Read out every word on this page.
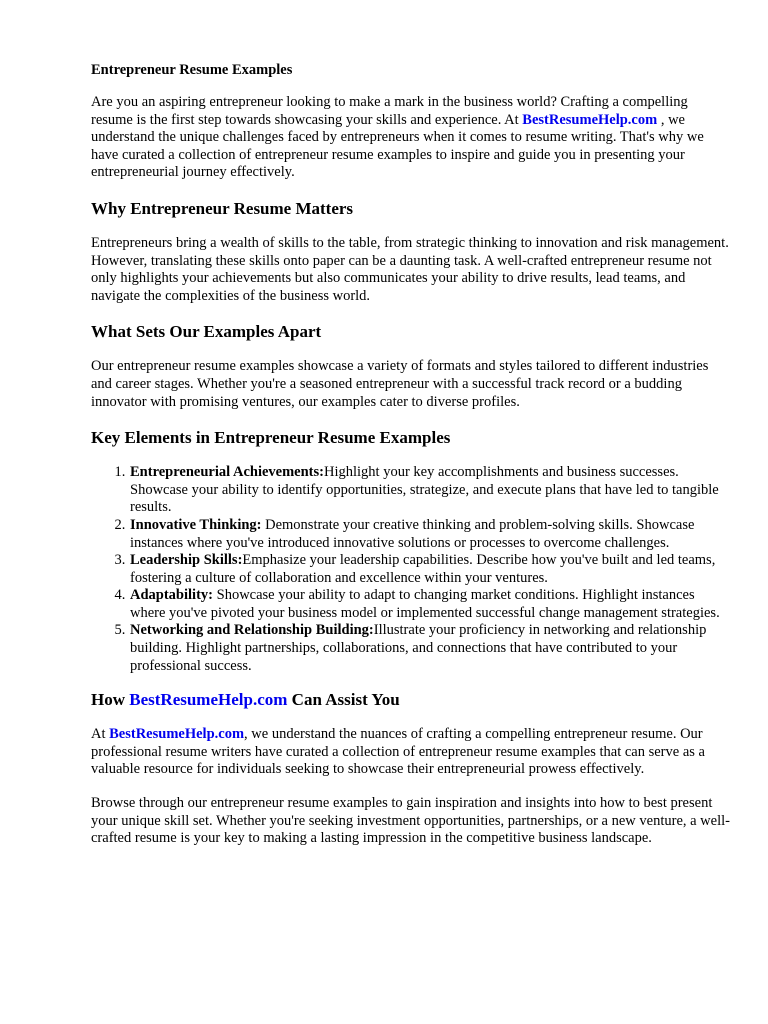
Entrepreneur Resume Examples

Are you an aspiring entrepreneur looking to make a mark in the business world? Crafting a compelling resume is the first step towards showcasing your skills and experience. At BestResumeHelp.com , we understand the unique challenges faced by entrepreneurs when it comes to resume writing. That's why we have curated a collection of entrepreneur resume examples to inspire and guide you in presenting your entrepreneurial journey effectively.

Why Entrepreneur Resume Matters

Entrepreneurs bring a wealth of skills to the table, from strategic thinking to innovation and risk management. However, translating these skills onto paper can be a daunting task. A well-crafted entrepreneur resume not only highlights your achievements but also communicates your ability to drive results, lead teams, and navigate the complexities of the business world.

What Sets Our Examples Apart

Our entrepreneur resume examples showcase a variety of formats and styles tailored to different industries and career stages. Whether you're a seasoned entrepreneur with a successful track record or a budding innovator with promising ventures, our examples cater to diverse profiles.

Key Elements in Entrepreneur Resume Examples
1. Entrepreneurial Achievements:Highlight your key accomplishments and business successes. Showcase your ability to identify opportunities, strategize, and execute plans that have led to tangible results.
2. Innovative Thinking: Demonstrate your creative thinking and problem-solving skills. Showcase instances where you've introduced innovative solutions or processes to overcome challenges.
3. Leadership Skills:Emphasize your leadership capabilities. Describe how you've built and led teams, fostering a culture of collaboration and excellence within your ventures.
4. Adaptability: Showcase your ability to adapt to changing market conditions. Highlight instances where you've pivoted your business model or implemented successful change management strategies.
5. Networking and Relationship Building:Illustrate your proficiency in networking and relationship building. Highlight partnerships, collaborations, and connections that have contributed to your professional success.
How BestResumeHelp.com Can Assist You

At BestResumeHelp.com, we understand the nuances of crafting a compelling entrepreneur resume. Our professional resume writers have curated a collection of entrepreneur resume examples that can serve as a valuable resource for individuals seeking to showcase their entrepreneurial prowess effectively.

Browse through our entrepreneur resume examples to gain inspiration and insights into how to best present your unique skill set. Whether you're seeking investment opportunities, partnerships, or a new venture, a well-crafted resume is your key to making a lasting impression in the competitive business landscape.
